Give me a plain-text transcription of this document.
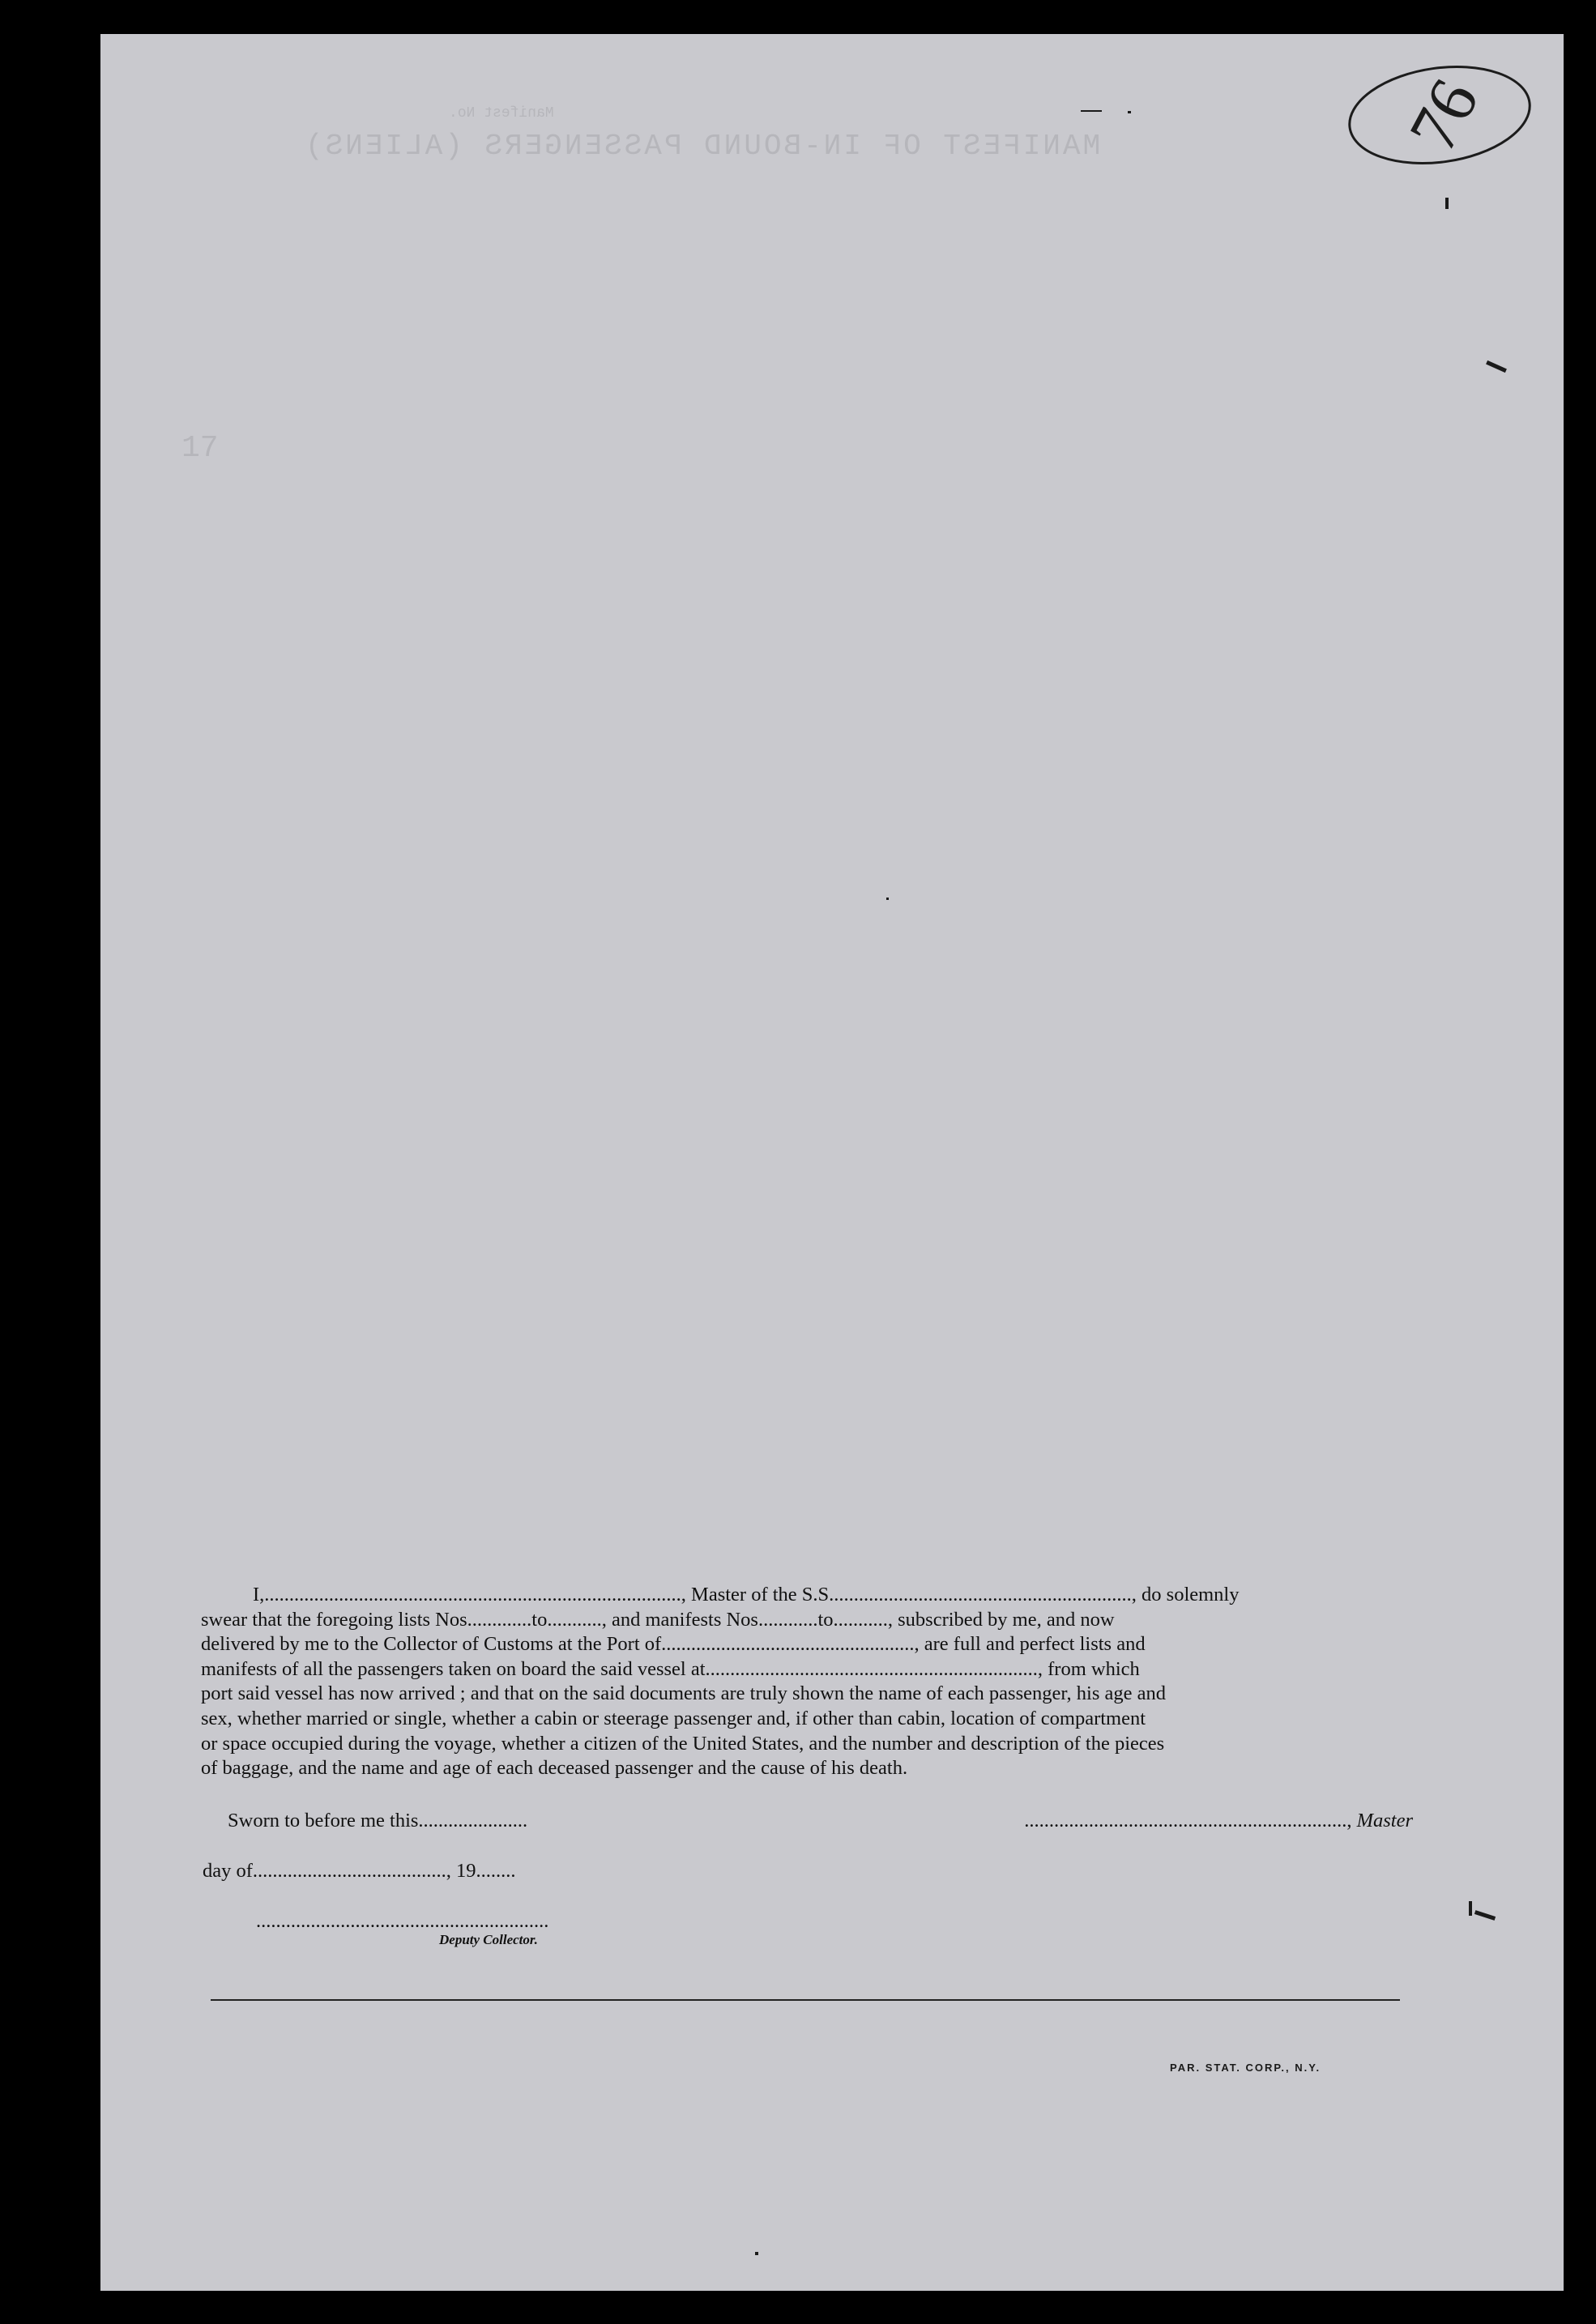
Manifest No.
MANIFEST OF IN-BOUND PASSENGERS (ALIENS)
17
76

I,...................................................................................., Master of the S.S............................................................., do solemnly

swear that the foregoing lists Nos.............to..........., and manifests Nos............to..........., subscribed by me, and now
delivered by me to the Collector of Customs at the Port of..................................................., are full and perfect lists and
manifests of all the passengers taken on board the said vessel at..................................................................., from which
port said vessel has now arrived ; and that on the said documents are truly shown the name of each passenger, his age and
sex, whether married or single, whether a cabin or steerage passenger and, if other than cabin, location of compartment
or space occupied during the voyage, whether a citizen of the United States, and the number and description of the pieces
of baggage, and the name and age of each deceased passenger and the cause of his death.
Sworn to before me this......................	................................................................., Master
day of......................................., 19........
...........................................................
Deputy Collector.
PAR. STAT. CORP., N.Y.
